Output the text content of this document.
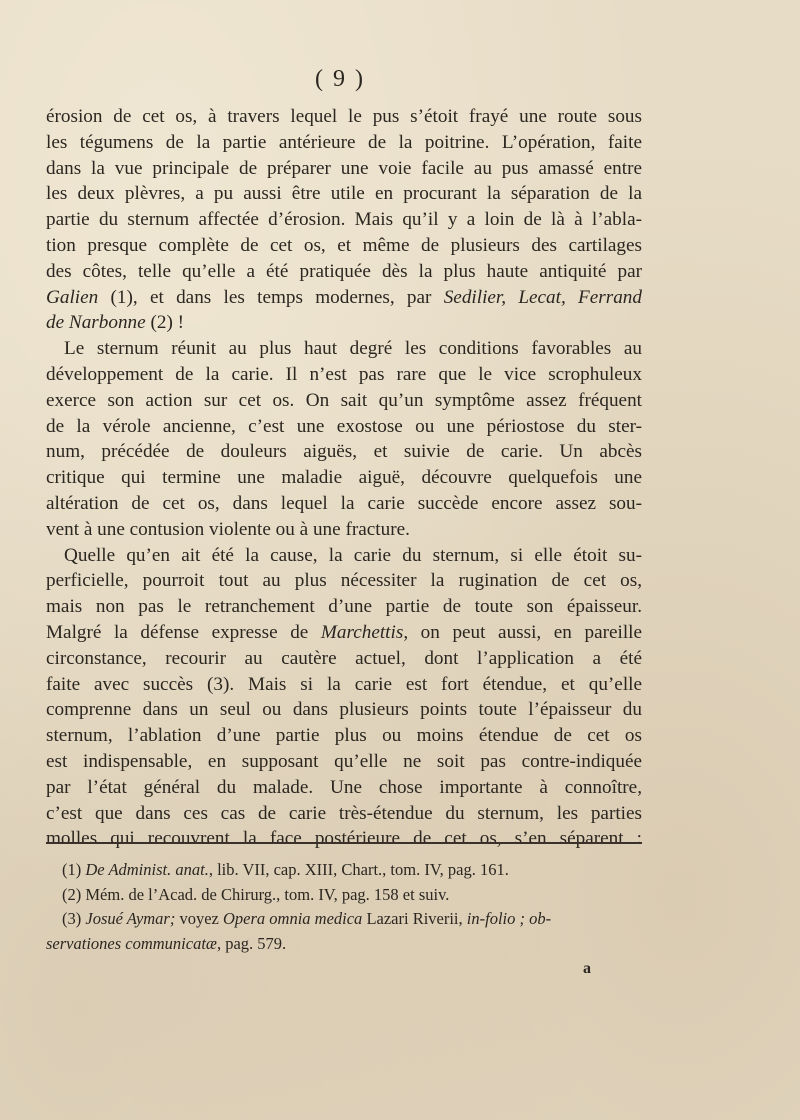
( 9 )
érosion de cet os, à travers lequel le pus s’étoit frayé une route sous
les tégumens de la partie antérieure de la poitrine. L’opération, faite
dans la vue principale de préparer une voie facile au pus amassé entre
les deux plèvres, a pu aussi être utile en procurant la séparation de la
partie du sternum affectée d’érosion. Mais qu’il y a loin de là à l’abla-
tion presque complète de cet os, et même de plusieurs des cartilages
des côtes, telle qu’elle a été pratiquée dès la plus haute antiquité par
Galien (1), et dans les temps modernes, par Sedilier, Lecat, Ferrand
de Narbonne (2) !
Le sternum réunit au plus haut degré les conditions favorables au
développement de la carie. Il n’est pas rare que le vice scrophuleux
exerce son action sur cet os. On sait qu’un symptôme assez fréquent
de la vérole ancienne, c’est une exostose ou une périostose du ster-
num, précédée de douleurs aiguës, et suivie de carie. Un abcès
critique qui termine une maladie aiguë, découvre quelquefois une
altération de cet os, dans lequel la carie succède encore assez sou-
vent à une contusion violente ou à une fracture.
Quelle qu’en ait été la cause, la carie du sternum, si elle étoit su-
perficielle, pourroit tout au plus nécessiter la rugination de cet os,
mais non pas le retranchement d’une partie de toute son épaisseur.
Malgré la défense expresse de Marchettis, on peut aussi, en pareille
circonstance, recourir au cautère actuel, dont l’application a été
faite avec succès (3). Mais si la carie est fort étendue, et qu’elle
comprenne dans un seul ou dans plusieurs points toute l’épaisseur du
sternum, l’ablation d’une partie plus ou moins étendue de cet os
est indispensable, en supposant qu’elle ne soit pas contre-indiquée
par l’état général du malade. Une chose importante à connoître,
c’est que dans ces cas de carie très-étendue du sternum, les parties
molles qui recouvrent la face postérieure de cet os, s’en séparent :
(1) De Administ. anat., lib. VII, cap. XIII, Chart., tom. IV, pag. 161.
(2) Mém. de l’Acad. de Chirurg., tom. IV, pag. 158 et suiv.
(3) Josué Aymar; voyez Opera omnia medica Lazari Riverii, in-folio ; ob-
servationes communicatæ, pag. 579.
a
